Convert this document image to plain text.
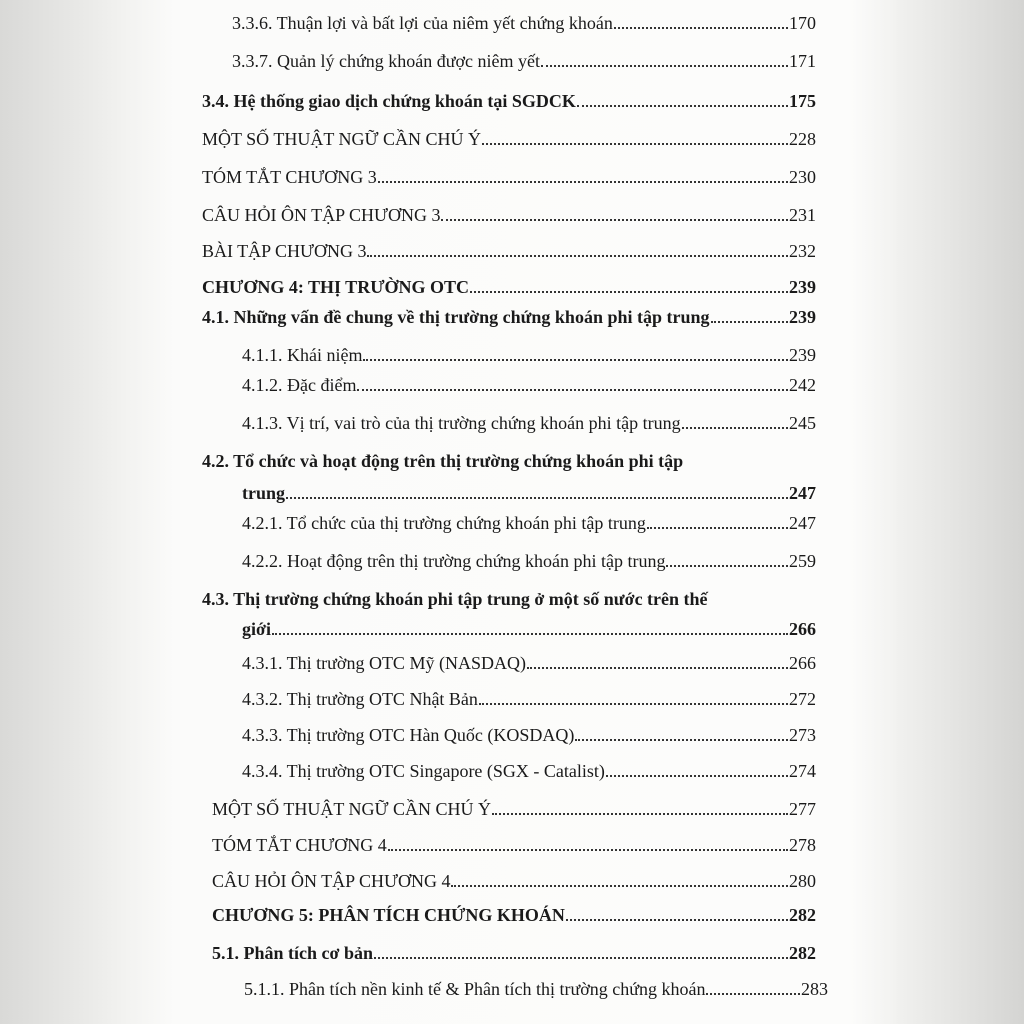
3.3.6. Thuận lợi và bất lợi của niêm yết chứng khoán	170
3.3.7. Quản lý chứng khoán được niêm yết	171
3.4. Hệ thống giao dịch chứng khoán tại SGDCK	175
MỘT SỐ THUẬT NGỮ CẦN CHÚ Ý	228
TÓM TẮT CHƯƠNG 3	230
CÂU HỎI ÔN TẬP CHƯƠNG 3	231
BÀI TẬP CHƯƠNG 3	232
CHƯƠNG 4: THỊ TRƯỜNG OTC	239
4.1. Những vấn đề chung về thị trường chứng khoán phi tập trung	239
4.1.1. Khái niệm	239
4.1.2. Đặc điểm	242
4.1.3. Vị trí, vai trò của thị trường chứng khoán phi tập trung	245
4.2. Tổ chức và hoạt động trên thị trường chứng khoán phi tập
trung	247
4.2.1. Tổ chức của thị trường chứng khoán phi tập trung	247
4.2.2. Hoạt động trên thị trường chứng khoán phi tập trung	259
4.3. Thị trường chứng khoán phi tập trung ở một số nước trên thế
giới	266
4.3.1. Thị trường OTC Mỹ (NASDAQ)	266
4.3.2. Thị trường OTC Nhật Bản	272
4.3.3. Thị trường OTC Hàn Quốc (KOSDAQ)	273
4.3.4. Thị trường OTC Singapore (SGX - Catalist)	274
MỘT SỐ THUẬT NGỮ CẦN CHÚ Ý	277
TÓM TẮT CHƯƠNG 4	278
CÂU HỎI ÔN TẬP CHƯƠNG 4	280
CHƯƠNG 5: PHÂN TÍCH CHỨNG KHOÁN	282
5.1. Phân tích cơ bản	282
5.1.1. Phân tích nền kinh tế & Phân tích thị trường chứng khoán	283
